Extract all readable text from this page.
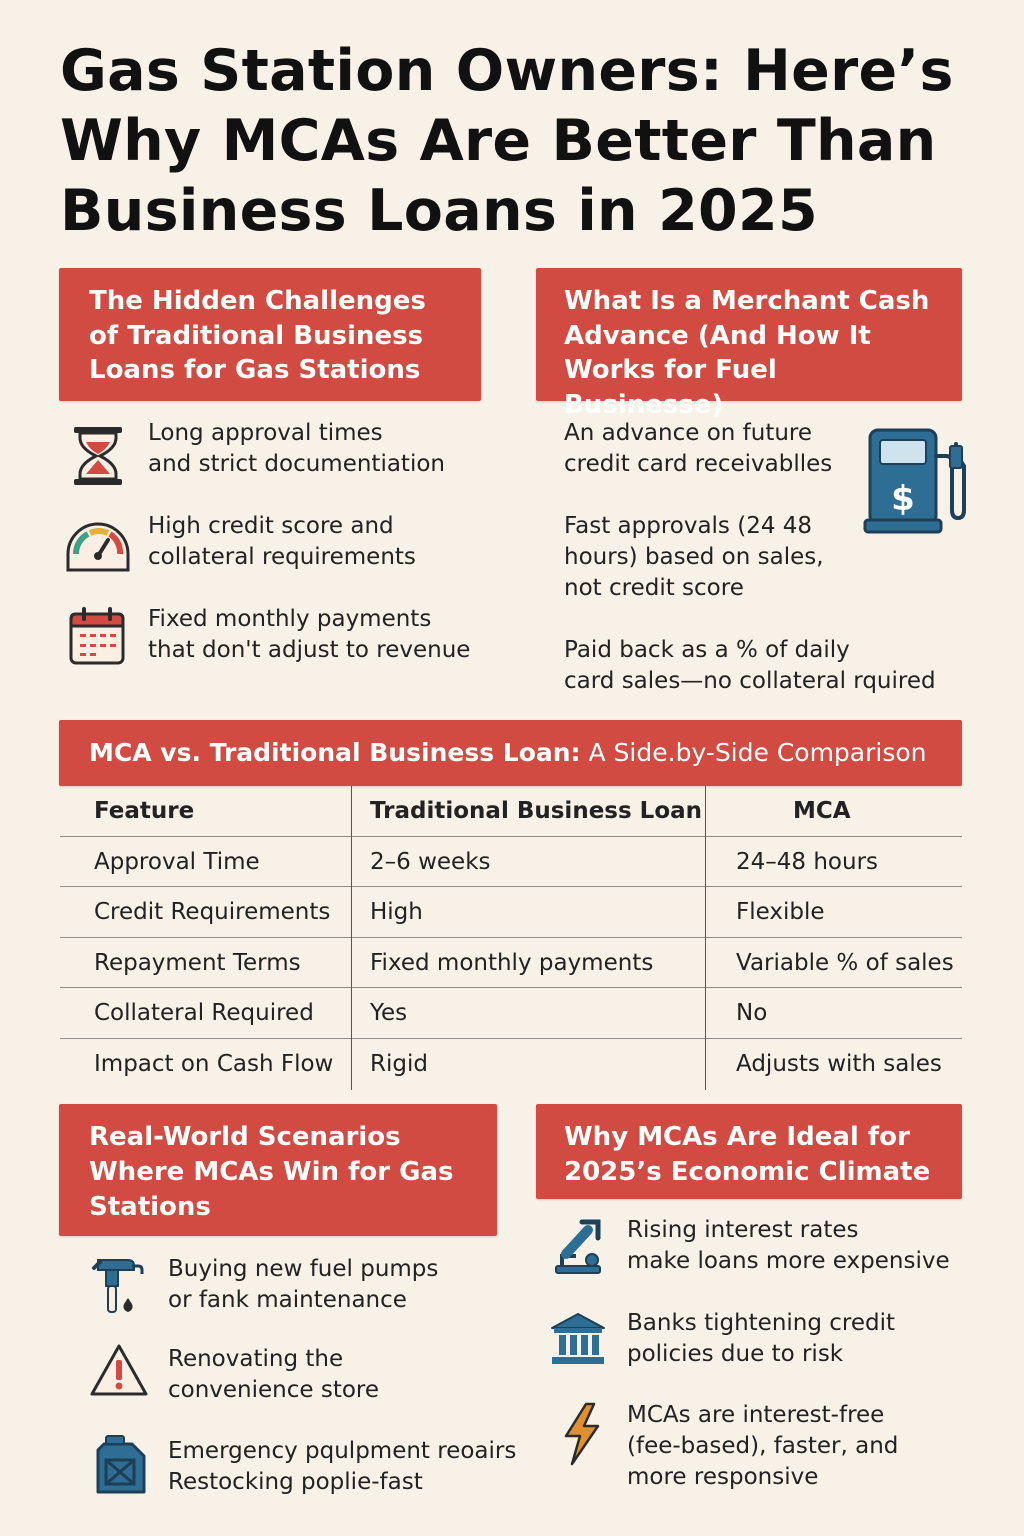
Gas Station Owners: Here’s
Why MCAs Are Better Than
Business Loans in 2025
The Hidden Challenges
of Traditional Business
Loans for Gas Stations
Long approval times
and strict documentiation
High credit score and
collateral requirements
Fixed monthly payments
that don't adjust to revenue
What Is a Merchant Cash
Advance (And How It
Works for Fuel Businesse)
An advance on future
credit card receivablles
Fast approvals (24 48
hours) based on sales,
not credit score
Paid back as a % of daily
card sales—no collateral rquired
$
MCA vs. Traditional Business Loan: A Side.by-Side Comparison
Feature	Traditional Business Loan	MCA
Approval Time	2–6 weeks	24–48 hours
Credit Requirements High	Flexible
Repayment Terms	Fixed monthly payments	Variable % of sales
Collateral Required Yes	No
Impact on Cash Flow Rigid	Adjusts with sales
Real-World Scenarios
Where MCAs Win for Gas
Stations
Buying new fuel pumps
or fank maintenance
Renovating the
convenience store
Emergency pqulpment reoairs
Restocking poplie-fast
Why MCAs Are Ideal for
2025’s Economic Climate
Rising interest rates
make loans more expensive
Banks tightening credit
policies due to risk
MCAs are interest-free
(fee-based), faster, and
more responsive
